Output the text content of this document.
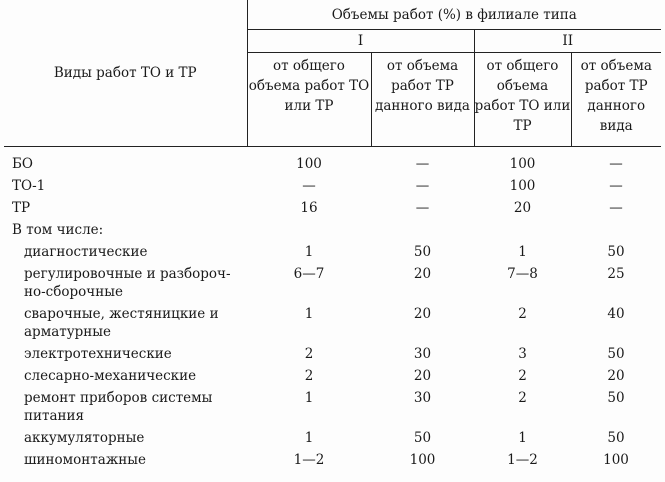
Виды работ ТО и ТР	Объемы работ (%) в филиале типа			
	I		II	
	от общего объема работ ТО или ТР	от объема работ ТР данного вида	от общего объема работ ТО или ТР	от объема работ ТР данного вида
БО	100	—	100	—
ТО-1	—	—	100	—
ТР	16	—	20	—
В том числе:				
диагностические	1	50	1	50
регулировочные и разбороч-но-сборочные	6—7	20	7—8	25
сварочные, жестяницкие и арматурные	1	20	2	40
электротехнические	2	30	3	50
слесарно-механические	2	20	2	20
ремонт приборов системы питания	1	30	2	50
аккумуляторные	1	50	1	50
шиномонтажные	1—2	100	1—2	100
